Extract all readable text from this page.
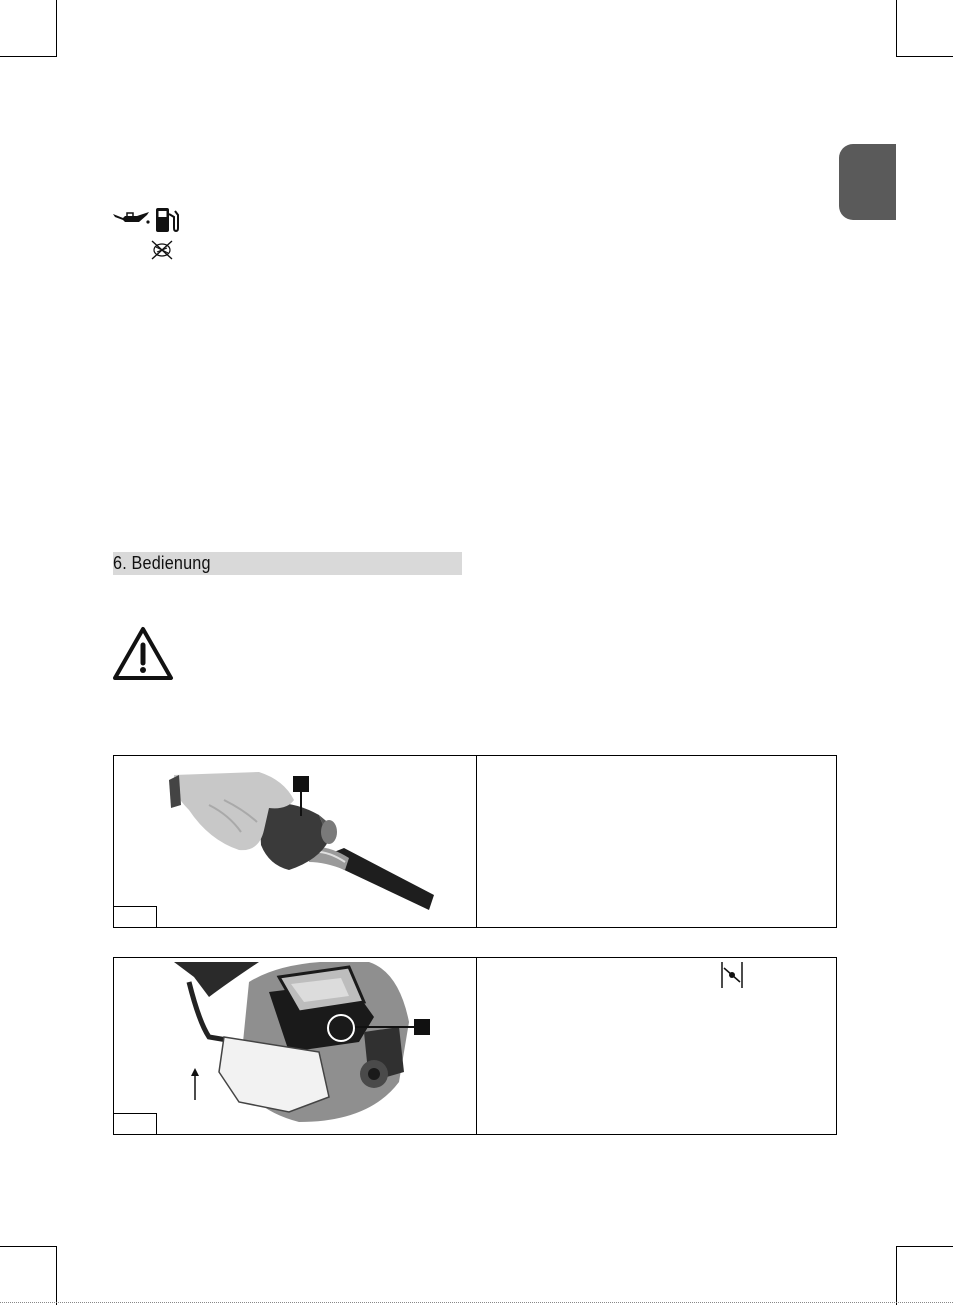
6. Bedienung
